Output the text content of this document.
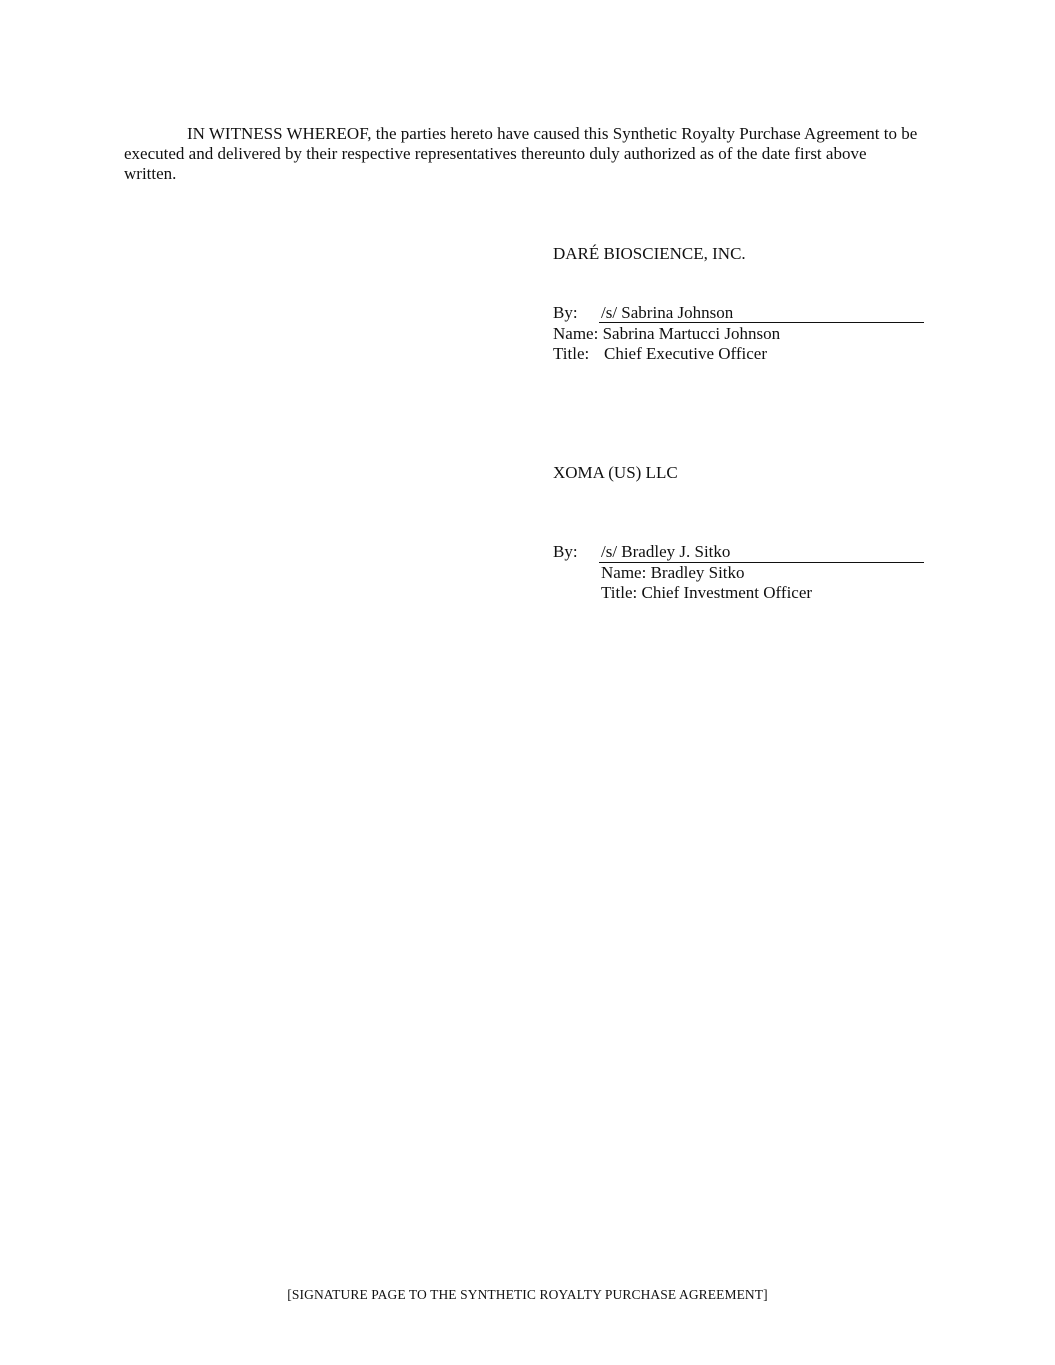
IN WITNESS WHEREOF, the parties hereto have caused this Synthetic Royalty Purchase Agreement to be
executed and delivered by their respective representatives thereunto duly authorized as of the date first above
written.
DARÉ BIOSCIENCE, INC.
By: /s/ Sabrina Johnson
Name: Sabrina Martucci Johnson
Title: Chief Executive Officer
XOMA (US) LLC
By: /s/ Bradley J. Sitko
Name: Bradley Sitko
Title: Chief Investment Officer
[SIGNATURE PAGE TO THE SYNTHETIC ROYALTY PURCHASE AGREEMENT]
